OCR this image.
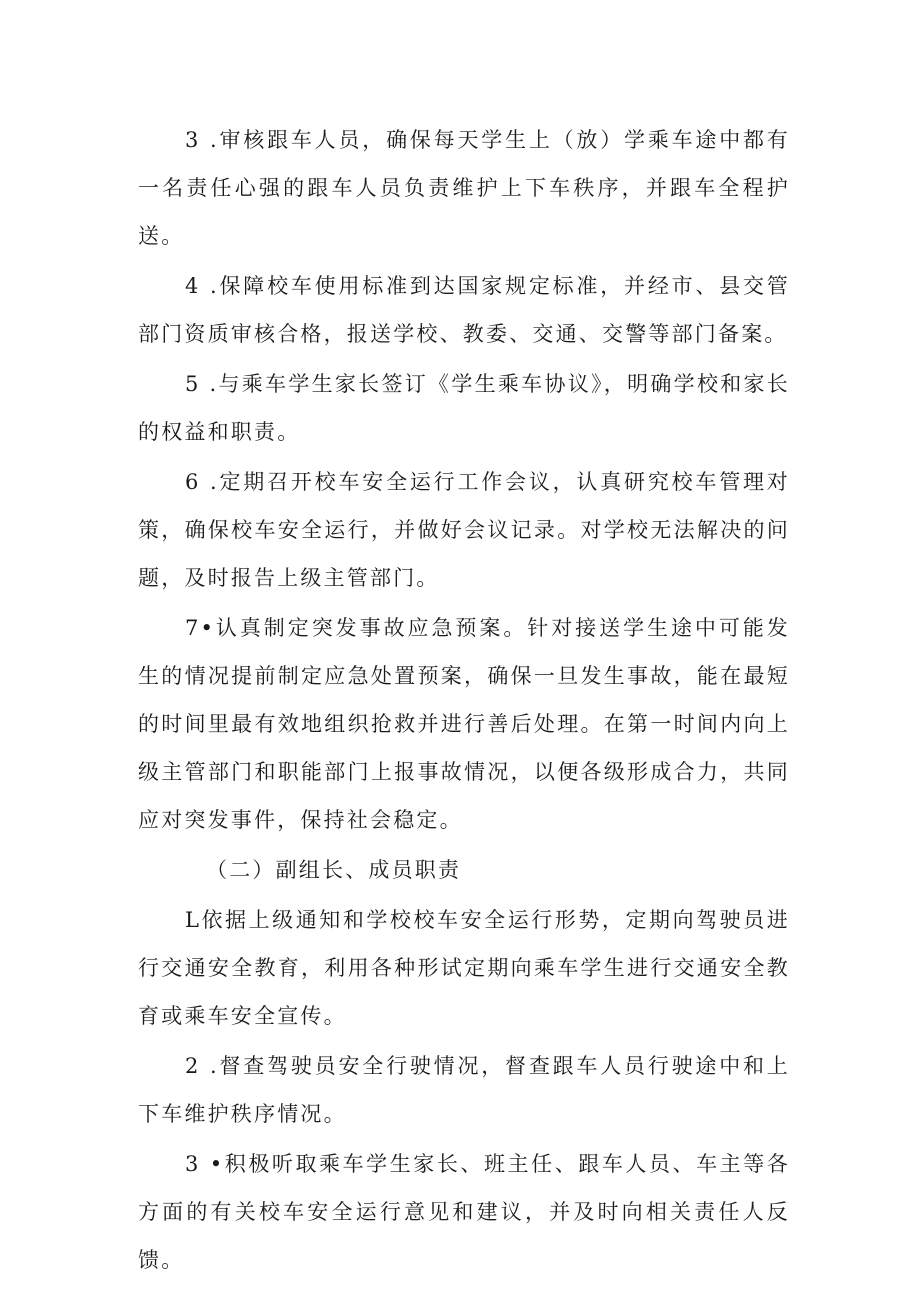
3 .审核跟车人员，确保每天学生上（放）学乘车途中都有一名责任心强的跟车人员负责维护上下车秩序，并跟车全程护送。

4 .保障校车使用标准到达国家规定标准，并经市、县交管部门资质审核合格，报送学校、教委、交通、交警等部门备案。

5 .与乘车学生家长签订《学生乘车协议》，明确学校和家长的权益和职责。

6 .定期召开校车安全运行工作会议，认真研究校车管理对策，确保校车安全运行，并做好会议记录。对学校无法解决的问题，及时报告上级主管部门。

7•认真制定突发事故应急预案。针对接送学生途中可能发生的情况提前制定应急处置预案，确保一旦发生事故，能在最短的时间里最有效地组织抢救并进行善后处理。在第一时间内向上级主管部门和职能部门上报事故情况，以便各级形成合力，共同应对突发事件，保持社会稳定。

（二）副组长、成员职责

L依据上级通知和学校校车安全运行形势，定期向驾驶员进行交通安全教育，利用各种形试定期向乘车学生进行交通安全教育或乘车安全宣传。

2 .督查驾驶员安全行驶情况，督查跟车人员行驶途中和上下车维护秩序情况。

3 •积极听取乘车学生家长、班主任、跟车人员、车主等各方面的有关校车安全运行意见和建议，并及时向相关责任人反馈。
